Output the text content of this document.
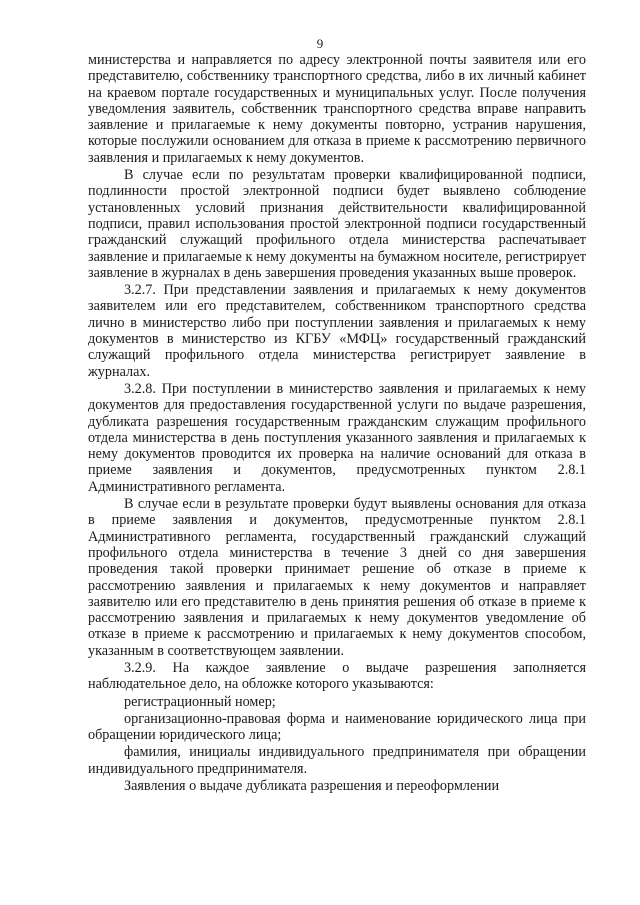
9

министерства и направляется по адресу электронной почты заявителя или его представителю, собственнику транспортного средства, либо в их личный кабинет на краевом портале государственных и муниципальных услуг. После получения уведомления заявитель, собственник транспортного средства вправе направить заявление и прилагаемые к нему документы повторно, устранив нарушения, которые послужили основанием для отказа в приеме к рассмотрению первичного заявления и прилагаемых к нему документов.

В случае если по результатам проверки квалифицированной подписи, подлинности простой электронной подписи будет выявлено соблюдение установленных условий признания действительности квалифицированной подписи, правил использования простой электронной подписи государственный гражданский служащий профильного отдела министерства распечатывает заявление и прилагаемые к нему документы на бумажном носителе, регистрирует заявление в журналах в день завершения проведения указанных выше проверок.

3.2.7. При представлении заявления и прилагаемых к нему документов заявителем или его представителем, собственником транспортного средства лично в министерство либо при поступлении заявления и прилагаемых к нему документов в министерство из КГБУ «МФЦ» государственный гражданский служащий профильного отдела министерства регистрирует заявление в журналах.

3.2.8. При поступлении в министерство заявления и прилагаемых к нему документов для предоставления государственной услуги по выдаче разрешения, дубликата разрешения государственным гражданским служащим профильного отдела министерства в день поступления указанного заявления и прилагаемых к нему документов проводится их проверка на наличие оснований для отказа в приеме заявления и документов, предусмотренных пунктом 2.8.1 Административного регламента.

В случае если в результате проверки будут выявлены основания для отказа в приеме заявления и документов, предусмотренные пунктом 2.8.1 Административного регламента, государственный гражданский служащий профильного отдела министерства в течение 3 дней со дня завершения проведения такой проверки принимает решение об отказе в приеме к рассмотрению заявления и прилагаемых к нему документов и направляет заявителю или его представителю в день принятия решения об отказе в приеме к рассмотрению заявления и прилагаемых к нему документов уведомление об отказе в приеме к рассмотрению и прилагаемых к нему документов способом, указанным в соответствующем заявлении.

3.2.9. На каждое заявление о выдаче разрешения заполняется наблюдательное дело, на обложке которого указываются:

регистрационный номер;

организационно-правовая форма и наименование юридического лица при обращении юридического лица;

фамилия, инициалы индивидуального предпринимателя при обращении индивидуального предпринимателя.

Заявления о выдаче дубликата разрешения и переоформлении
